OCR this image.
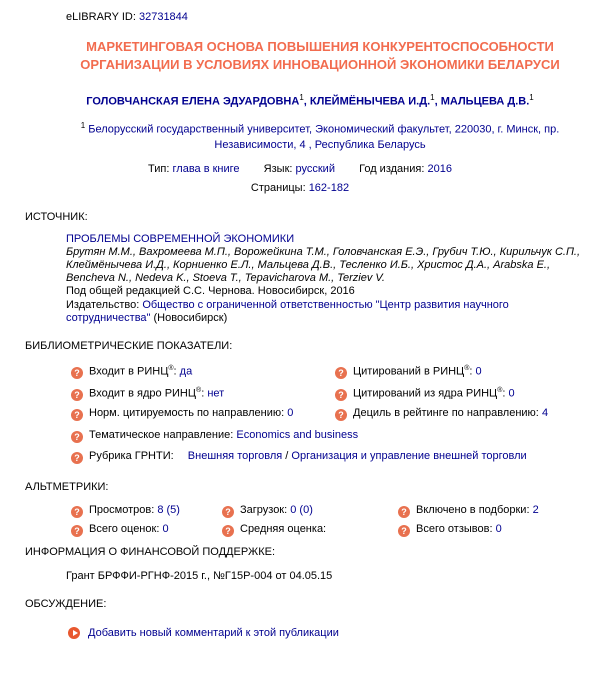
eLIBRARY ID: 32731844
МАРКЕТИНГОВАЯ ОСНОВА ПОВЫШЕНИЯ КОНКУРЕНТОСПОСОБНОСТИ
ОРГАНИЗАЦИИ В УСЛОВИЯХ ИННОВАЦИОННОЙ ЭКОНОМИКИ БЕЛАРУСИ
ГОЛОВЧАНСКАЯ ЕЛЕНА ЭДУАРДОВНА$^1$, КЛЕЙМЁНЫЧЕВА И.Д.$^1$, МАЛЬЦЕВА Д.В.$^1$
$^1$ Белорусский государственный университет, Экономический факультет, 220030, г. Минск, пр.
Независимости, 4 , Республика Беларусь
Тип: глава в книге Язык: русский Год издания: 2016
Страницы: 162-182
ИСТОЧНИК:
ПРОБЛЕМЫ СОВРЕМЕННОЙ ЭКОНОМИКИ
Брутян М.М., Вахромеева М.П., Ворожейкина Т.М., Головчанская Е.Э., Грубич Т.Ю., Кирильчук С.П.,
Клеймёнычева И.Д., Корниенко Е.Л., Мальцева Д.В., Тесленко И.Б., Христос Д.А., Arabska E.,
Bencheva N., Nedeva K., Stoeva T., Tepavicharova M., Terziev V.
Под общей редакцией С.С. Чернова. Новосибирск, 2016
Издательство: Общество с ограниченной ответственностью "Центр развития научного
сотрудничества" (Новосибирск)
БИБЛИОМЕТРИЧЕСКИЕ ПОКАЗАТЕЛИ:
? Входит в РИНЦ®: да
? Входит в ядро РИНЦ®: нет
? Норм. цитируемость по направлению: 0
? Тематическое направление: Economics and business
? Рубрика ГРНТИ: Внешняя торговля / Организация и управление внешней торговли
? Цитирований в РИНЦ®: 0
? Цитирований из ядра РИНЦ®: 0
? Дециль в рейтинге по направлению: 4
АЛЬТМЕТРИКИ:
? Просмотров: 8 (5)
? Всего оценок: 0
? Загрузок: 0 (0)
? Средняя оценка:
? Включено в подборки: 2
? Всего отзывов: 0
ИНФОРМАЦИЯ О ФИНАНСОВОЙ ПОДДЕРЖКЕ:
Грант БРФФИ-РГНФ-2015 г., №Г15Р-004 от 04.05.15
ОБСУЖДЕНИЕ:
Добавить новый комментарий к этой публикации
